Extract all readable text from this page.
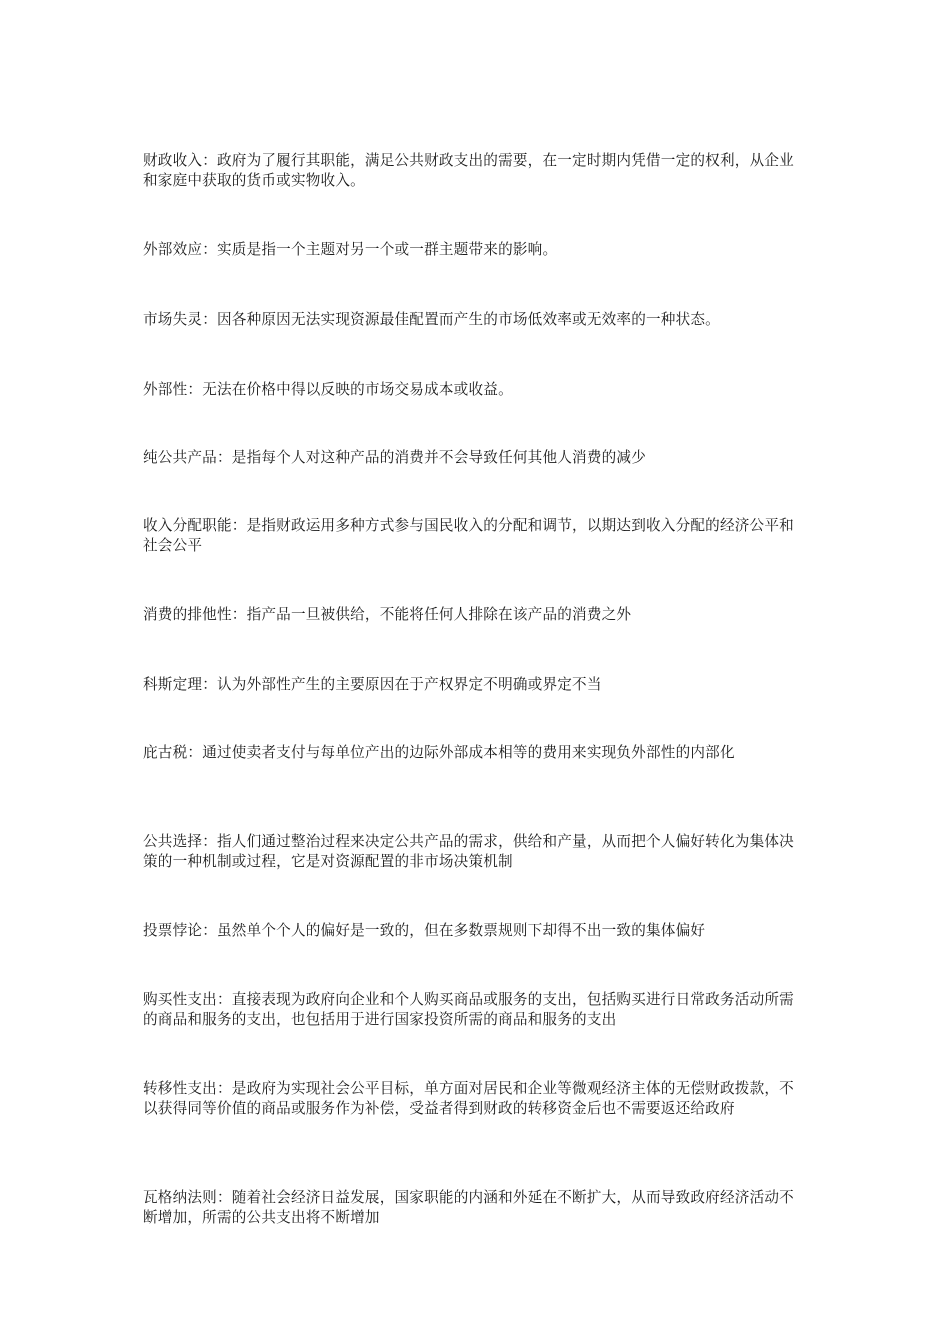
财政收入：政府为了履行其职能，满足公共财政支出的需要，在一定时期内凭借一定的权利，从企业和家庭中获取的货币或实物收入。

外部效应：实质是指一个主题对另一个或一群主题带来的影响。

市场失灵：因各种原因无法实现资源最佳配置而产生的市场低效率或无效率的一种状态。

外部性：无法在价格中得以反映的市场交易成本或收益。

纯公共产品：是指每个人对这种产品的消费并不会导致任何其他人消费的减少

收入分配职能：是指财政运用多种方式参与国民收入的分配和调节，以期达到收入分配的经济公平和社会公平

消费的排他性：指产品一旦被供给，不能将任何人排除在该产品的消费之外

科斯定理：认为外部性产生的主要原因在于产权界定不明确或界定不当

庇古税：通过使卖者支付与每单位产出的边际外部成本相等的费用来实现负外部性的内部化

公共选择：指人们通过整治过程来决定公共产品的需求，供给和产量，从而把个人偏好转化为集体决策的一种机制或过程，它是对资源配置的非市场决策机制

投票悖论：虽然单个个人的偏好是一致的，但在多数票规则下却得不出一致的集体偏好

购买性支出：直接表现为政府向企业和个人购买商品或服务的支出，包括购买进行日常政务活动所需的商品和服务的支出，也包括用于进行国家投资所需的商品和服务的支出

转移性支出：是政府为实现社会公平目标，单方面对居民和企业等微观经济主体的无偿财政拨款，不以获得同等价值的商品或服务作为补偿，受益者得到财政的转移资金后也不需要返还给政府

瓦格纳法则：随着社会经济日益发展，国家职能的内涵和外延在不断扩大，从而导致政府经济活动不断增加，所需的公共支出将不断增加
